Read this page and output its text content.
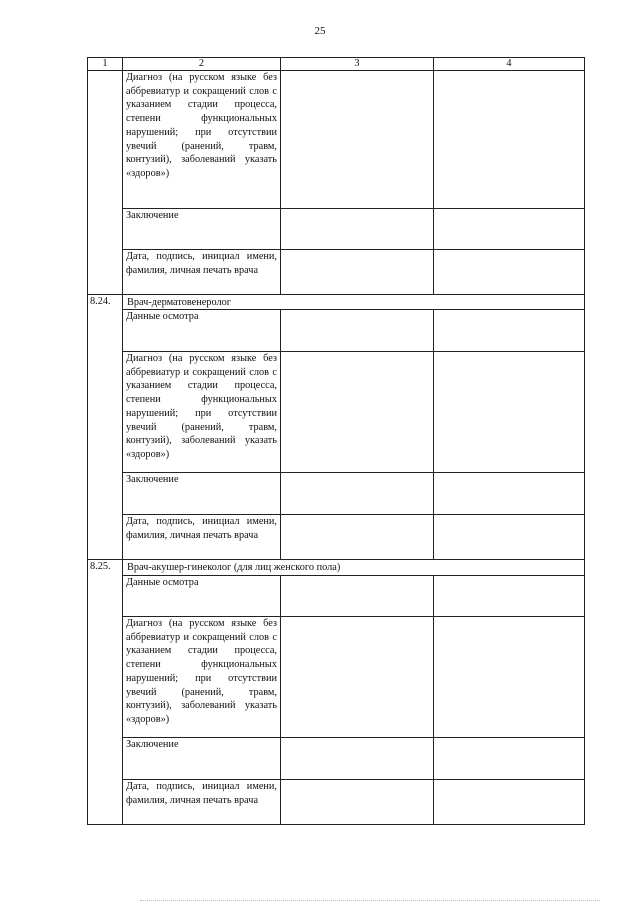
25
1	2	3	4
	Диагноз (на русском языке без аббревиатур и сокращений слов с указанием стадии процесса, степени функциональных нарушений; при отсутствии увечий (ранений, травм, контузий), заболеваний указать «здоров»)		
	Заключение		
	Дата, подпись, инициал имени, фамилия, личная печать врача		
8.24.	Врач-дерматовенеролог		
	Данные осмотра		
	Диагноз (на русском языке без аббревиатур и сокращений слов с указанием стадии процесса, степени функциональных нарушений; при отсутствии увечий (ранений, травм, контузий), заболеваний указать «здоров»)		
	Заключение		
	Дата, подпись, инициал имени, фамилия, личная печать врача		
8.25.	Врач-акушер-гинеколог (для лиц женского пола)		
	Данные осмотра		
	Диагноз (на русском языке без аббревиатур и сокращений слов с указанием стадии процесса, степени функциональных нарушений; при отсутствии увечий (ранений, травм, контузий), заболеваний указать «здоров»)		
	Заключение		
	Дата, подпись, инициал имени, фамилия, личная печать врача		
